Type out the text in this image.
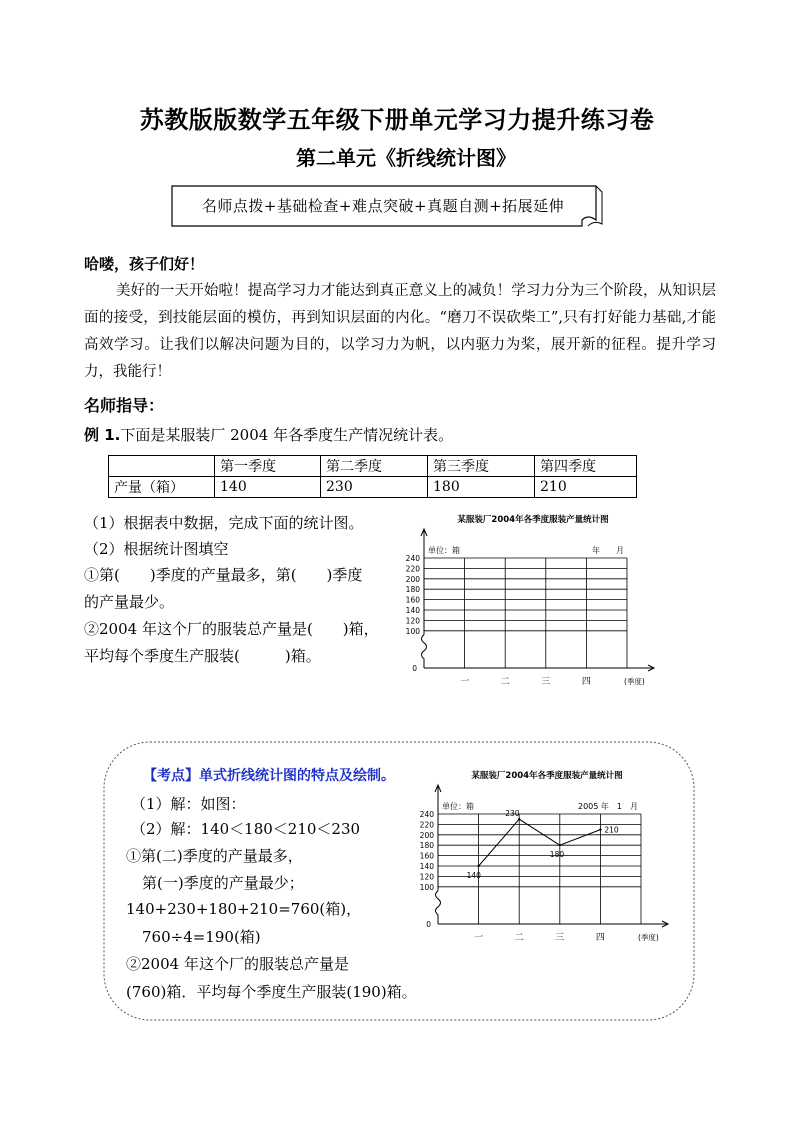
苏教版版数学五年级下册单元学习力提升练习卷
第二单元《折线统计图》
名师点拨+基础检查+难点突破+真题自测+拓展延伸
哈喽，孩子们好！
美好的一天开始啦！提高学习力才能达到真正意义上的减负！学习力分为三个阶段，从知识层面的接受，到技能层面的模仿，再到知识层面的内化。“磨刀不误砍柴工”,只有打好能力基础,才能高效学习。让我们以解决问题为目的，以学习力为帆，以内驱力为桨，展开新的征程。提升学习力，我能行！
名师指导：
例 1.下面是某服装厂 2004 年各季度生产情况统计表。
	第一季度	第二季度	第三季度	第四季度
产量（箱）	140	230	180	210
（1）根据表中数据，完成下面的统计图。
（2）根据统计图填空
①第(　　)季度的产量最多，第(　　)季度
的产量最少。
②2004 年这个厂的服装总产量是(　　)箱，
平均每个季度生产服装(　　　)箱。
某服装厂2004年各季度服装产量统计图
单位：箱	年　　月
0
100
120
140
160
180
200
220
240
一	二	三	四	(季度)
【考点】单式折线统计图的特点及绘制。
（1）解：如图：
（2）解：140＜180＜210＜230
①第(二)季度的产量最多，
第(一)季度的产量最少；
140+230+180+210=760(箱)，
760÷4=190(箱)
②2004 年这个厂的服装总产量是
(760)箱．平均每个季度生产服装(190)箱。
某服装厂2004年各季度服装产量统计图
单位：箱	2005 年　1　月
0
100
120
140
160
180
200
220
240
一	二	三	四	(季度)
140
230
180
210
